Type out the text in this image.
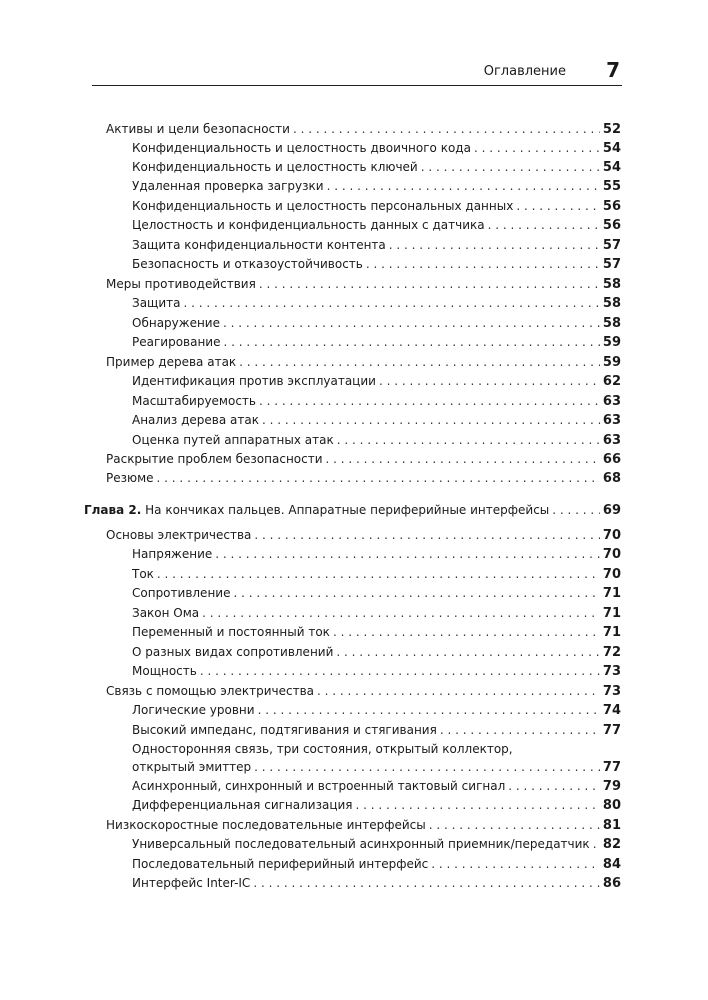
Оглавление 7
Активы и цели безопасности . . .	52
Конфиденциальность и целостность двоичного кода . . .	54
Конфиденциальность и целостность ключей . . .	54
Удаленная проверка загрузки . . .	55
Конфиденциальность и целостность персональных данных . . .	56
Целостность и конфиденциальность данных с датчика . . .	56
Защита конфиденциальности контента . . .	57
Безопасность и отказоустойчивость . . .	57
Меры противодействия . . .	58
Защита . . .	58
Обнаружение . . .	58
Реагирование . . .	59
Пример дерева атак . . .	59
Идентификация против эксплуатации . . .	62
Масштабируемость . . .	63
Анализ дерева атак . . .	63
Оценка путей аппаратных атак . . .	63
Раскрытие проблем безопасности . . .	66
Резюме . . .	68
Глава 2. На кончиках пальцев. Аппаратные периферийные интерфейсы . . .	69
Основы электричества . . .	70
Напряжение . . .	70
Ток . . .	70
Сопротивление . . .	71
Закон Ома . . .	71
Переменный и постоянный ток . . .	71
О разных видах сопротивлений . . .	72
Мощность . . .	73
Связь с помощью электричества . . .	73
Логические уровни . . .	74
Высокий импеданс, подтягивания и стягивания . . .	77
Односторонняя связь, три состояния, открытый коллектор,
открытый эмиттер . . .	77
Асинхронный, синхронный и встроенный тактовый сигнал . . .	79
Дифференциальная сигнализация . . .	80
Низкоскоростные последовательные интерфейсы . . .	81
Универсальный последовательный асинхронный приемник/передатчик . . . 82
Последовательный периферийный интерфейс . . .	84
Интерфейс Inter-IC . . .	86
